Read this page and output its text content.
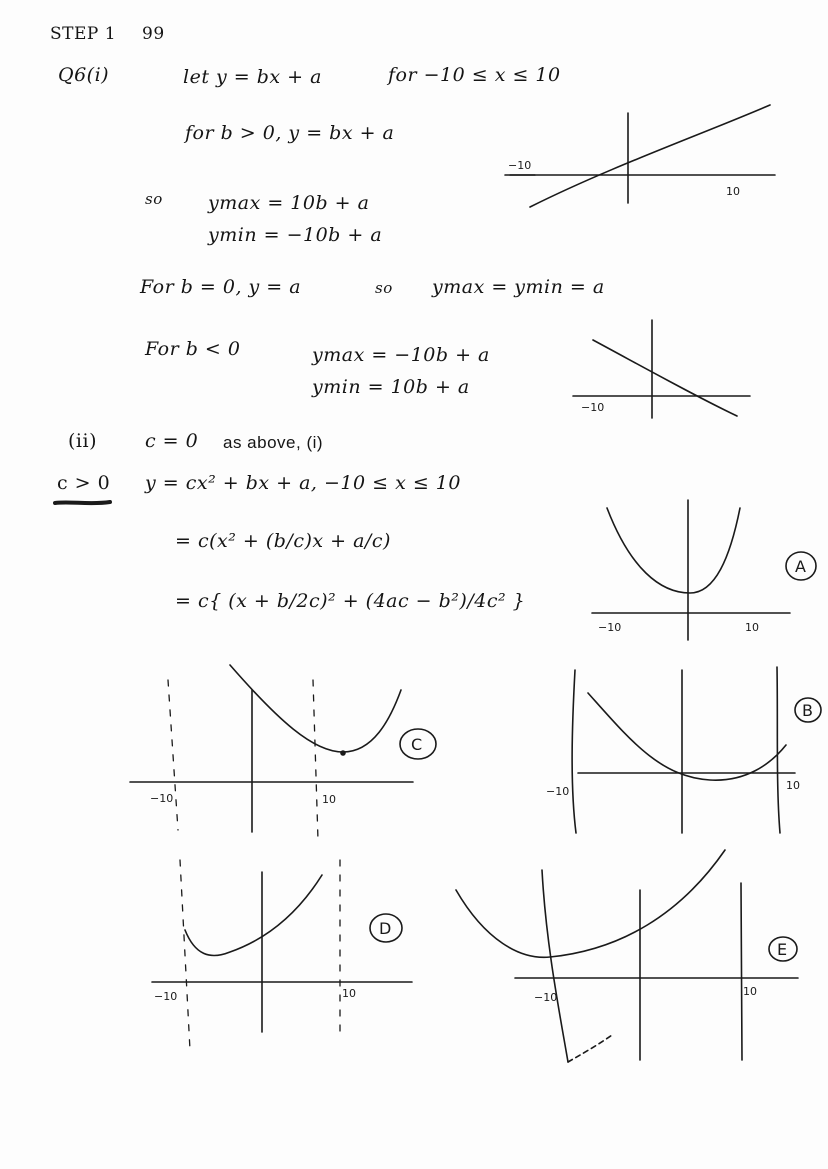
STEP 1 99
Q6(i)	let y = bx + a	for −10 ≤ x ≤ 10
for b > 0, y = bx + a
so ymax = 10b + a
ymin = −10b + a
For b = 0, y = a	so ymax = ymin = a
For b < 0	ymax = −10b + a
ymin = 10b + a
(ii)	c = 0 as above, (i)
c > 0 y = cx² + bx + a, −10 ≤ x ≤ 10
= c(x² + (b/c)x + a/c)
= c{ (x + b/2c)² + (4ac − b²)/4c² }
−10
10
−10
−10	10
A
−10	10
C
−10	10
B
−10	10
D
−10	10
E
